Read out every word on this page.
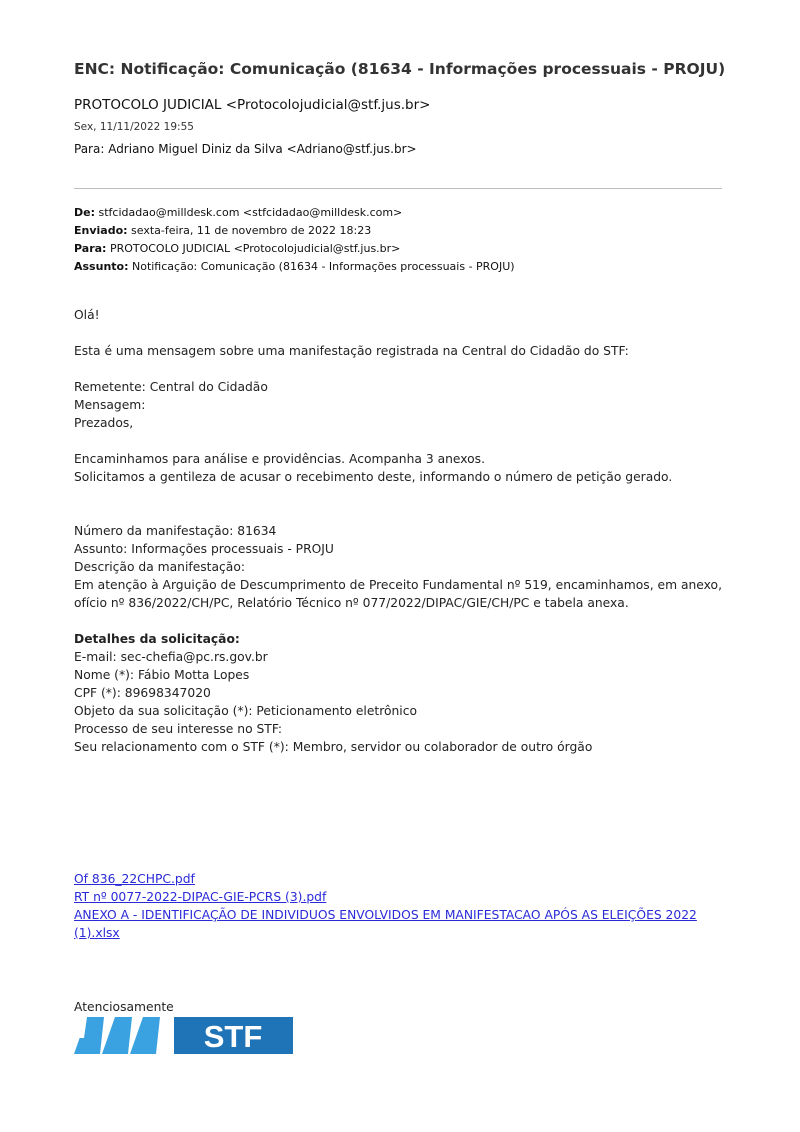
ENC: Notificação: Comunicação (81634 - Informações processuais - PROJU)
PROTOCOLO JUDICIAL <Protocolojudicial@stf.jus.br>
Sex, 11/11/2022 19:55
Para: Adriano Miguel Diniz da Silva <Adriano@stf.jus.br>
De: stfcidadao@milldesk.com <stfcidadao@milldesk.com>
Enviado: sexta-feira, 11 de novembro de 2022 18:23
Para: PROTOCOLO JUDICIAL <Protocolojudicial@stf.jus.br>
Assunto: Notificação: Comunicação (81634 - Informações processuais - PROJU)

Olá!

Esta é uma mensagem sobre uma manifestação registrada na Central do Cidadão do STF:

Remetente: Central do Cidadão

Mensagem:

Prezados,

Encaminhamos para análise e providências. Acompanha 3 anexos.

Solicitamos a gentileza de acusar o recebimento deste, informando o número de petição gerado.

Número da manifestação: 81634

Assunto: Informações processuais - PROJU

Descrição da manifestação:

Em atenção à Arguição de Descumprimento de Preceito Fundamental nº 519, encaminhamos, em anexo, ofício nº 836/2022/CH/PC, Relatório Técnico nº 077/2022/DIPAC/GIE/CH/PC e tabela anexa.

Detalhes da solicitação:

E-mail: sec-chefia@pc.rs.gov.br

Nome (*): Fábio Motta Lopes

CPF (*): 89698347020

Objeto da sua solicitação (*): Peticionamento eletrônico

Processo de seu interesse no STF:

Seu relacionamento com o STF (*): Membro, servidor ou colaborador de outro órgão

Of 836_22CHPC.pdf
RT nº 0077-2022-DIPAC-GIE-PCRS (3).pdf
ANEXO A - IDENTIFICAÇÃO DE INDIVIDUOS ENVOLVIDOS EM MANIFESTACAO APÓS AS ELEIÇÕES 2022 (1).xlsx
Atenciosamente
STF
